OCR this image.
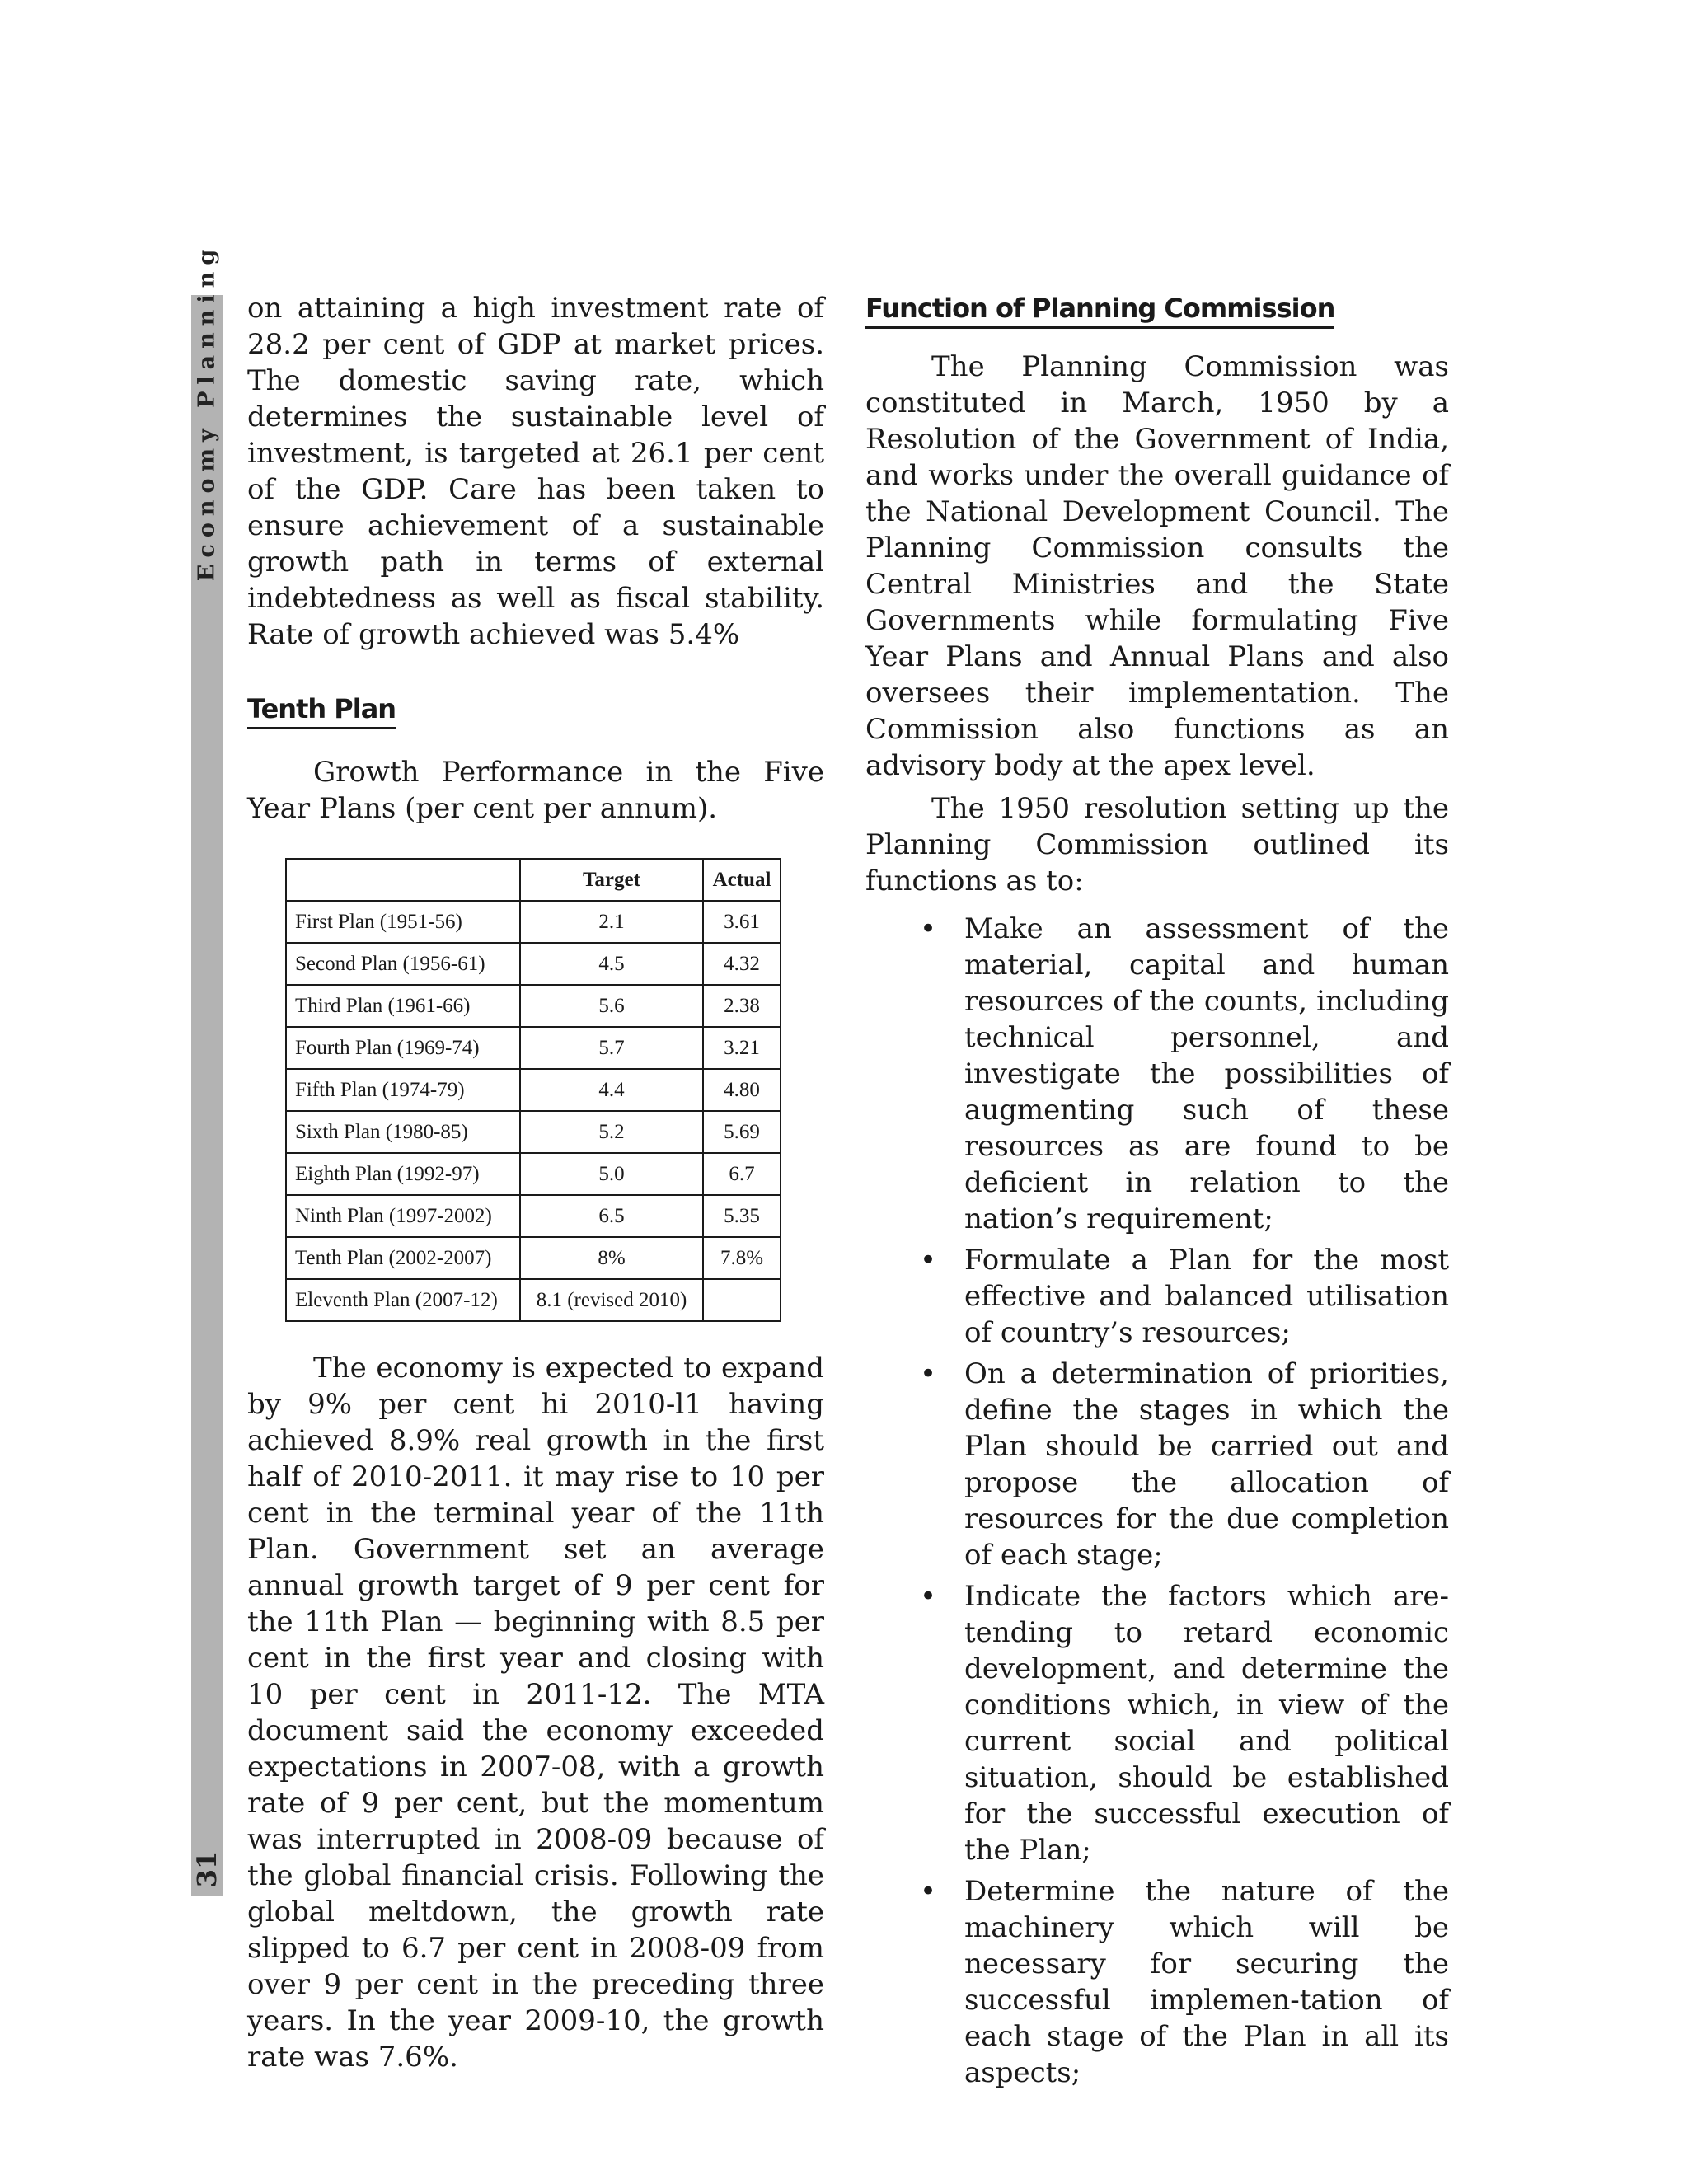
Economy Planning
31

on attaining a high investment rate of 28.2 per cent of GDP at market prices. The domestic saving rate, which determines the sustainable level of investment, is targeted at 26.1 per cent of the GDP. Care has been taken to ensure achievement of a sustainable growth path in terms of external indebtedness as well as fiscal stability. Rate of growth achieved was 5.4%

Tenth Plan

Growth Performance in the Five Year Plans (per cent per annum).

	Target	Actual
First Plan (1951-56)	2.1	3.61
Second Plan (1956-61)	4.5	4.32
Third Plan (1961-66)	5.6	2.38
Fourth Plan (1969-74)	5.7	3.21
Fifth Plan (1974-79)	4.4	4.80
Sixth Plan (1980-85)	5.2	5.69
Eighth Plan (1992-97)	5.0	6.7
Ninth Plan (1997-2002)	6.5	5.35
Tenth Plan (2002-2007)	8%	7.8%
Eleventh Plan (2007-12)	8.1 (revised 2010)	

The economy is expected to expand by 9% per cent hi 2010-l1 having achieved 8.9% real growth in the first half of 2010-2011. it may rise to 10 per cent in the terminal year of the 11th Plan. Government set an average annual growth target of 9 per cent for the 11th Plan — beginning with 8.5 per cent in the first year and closing with 10 per cent in 2011-12. The MTA document said the economy exceeded expectations in 2007-08, with a growth rate of 9 per cent, but the momentum was interrupted in 2008-09 because of the global financial crisis. Following the global meltdown, the growth rate slipped to 6.7 per cent in 2008-09 from over 9 per cent in the preceding three years. In the year 2009-10, the growth rate was 7.6%.

Function of Planning Commission

The Planning Commission was constituted in March, 1950 by a Resolution of the Government of India, and works under the overall guidance of the National Development Council. The Planning Commission consults the Central Ministries and the State Governments while formulating Five Year Plans and Annual Plans and also oversees their implementation. The Commission also functions as an advisory body at the apex level.

The 1950 resolution setting up the Planning Commission outlined its functions as to:

• Make an assessment of the material, capital and human resources of the counts, including technical personnel, and investigate the possibilities of augmenting such of these resources as are found to be deficient in relation to the nation’s requirement;
• Formulate a Plan for the most effective and balanced utilisation of country’s resources;
• On a determination of priorities, define the stages in which the Plan should be carried out and propose the allocation of resources for the due completion of each stage;
• Indicate the factors which are-tending to retard economic development, and determine the conditions which, in view of the current social and political situation, should be established for the successful execution of the Plan;
• Determine the nature of the machinery which will be necessary for securing the successful implemen-tation of each stage of the Plan in all its aspects;
